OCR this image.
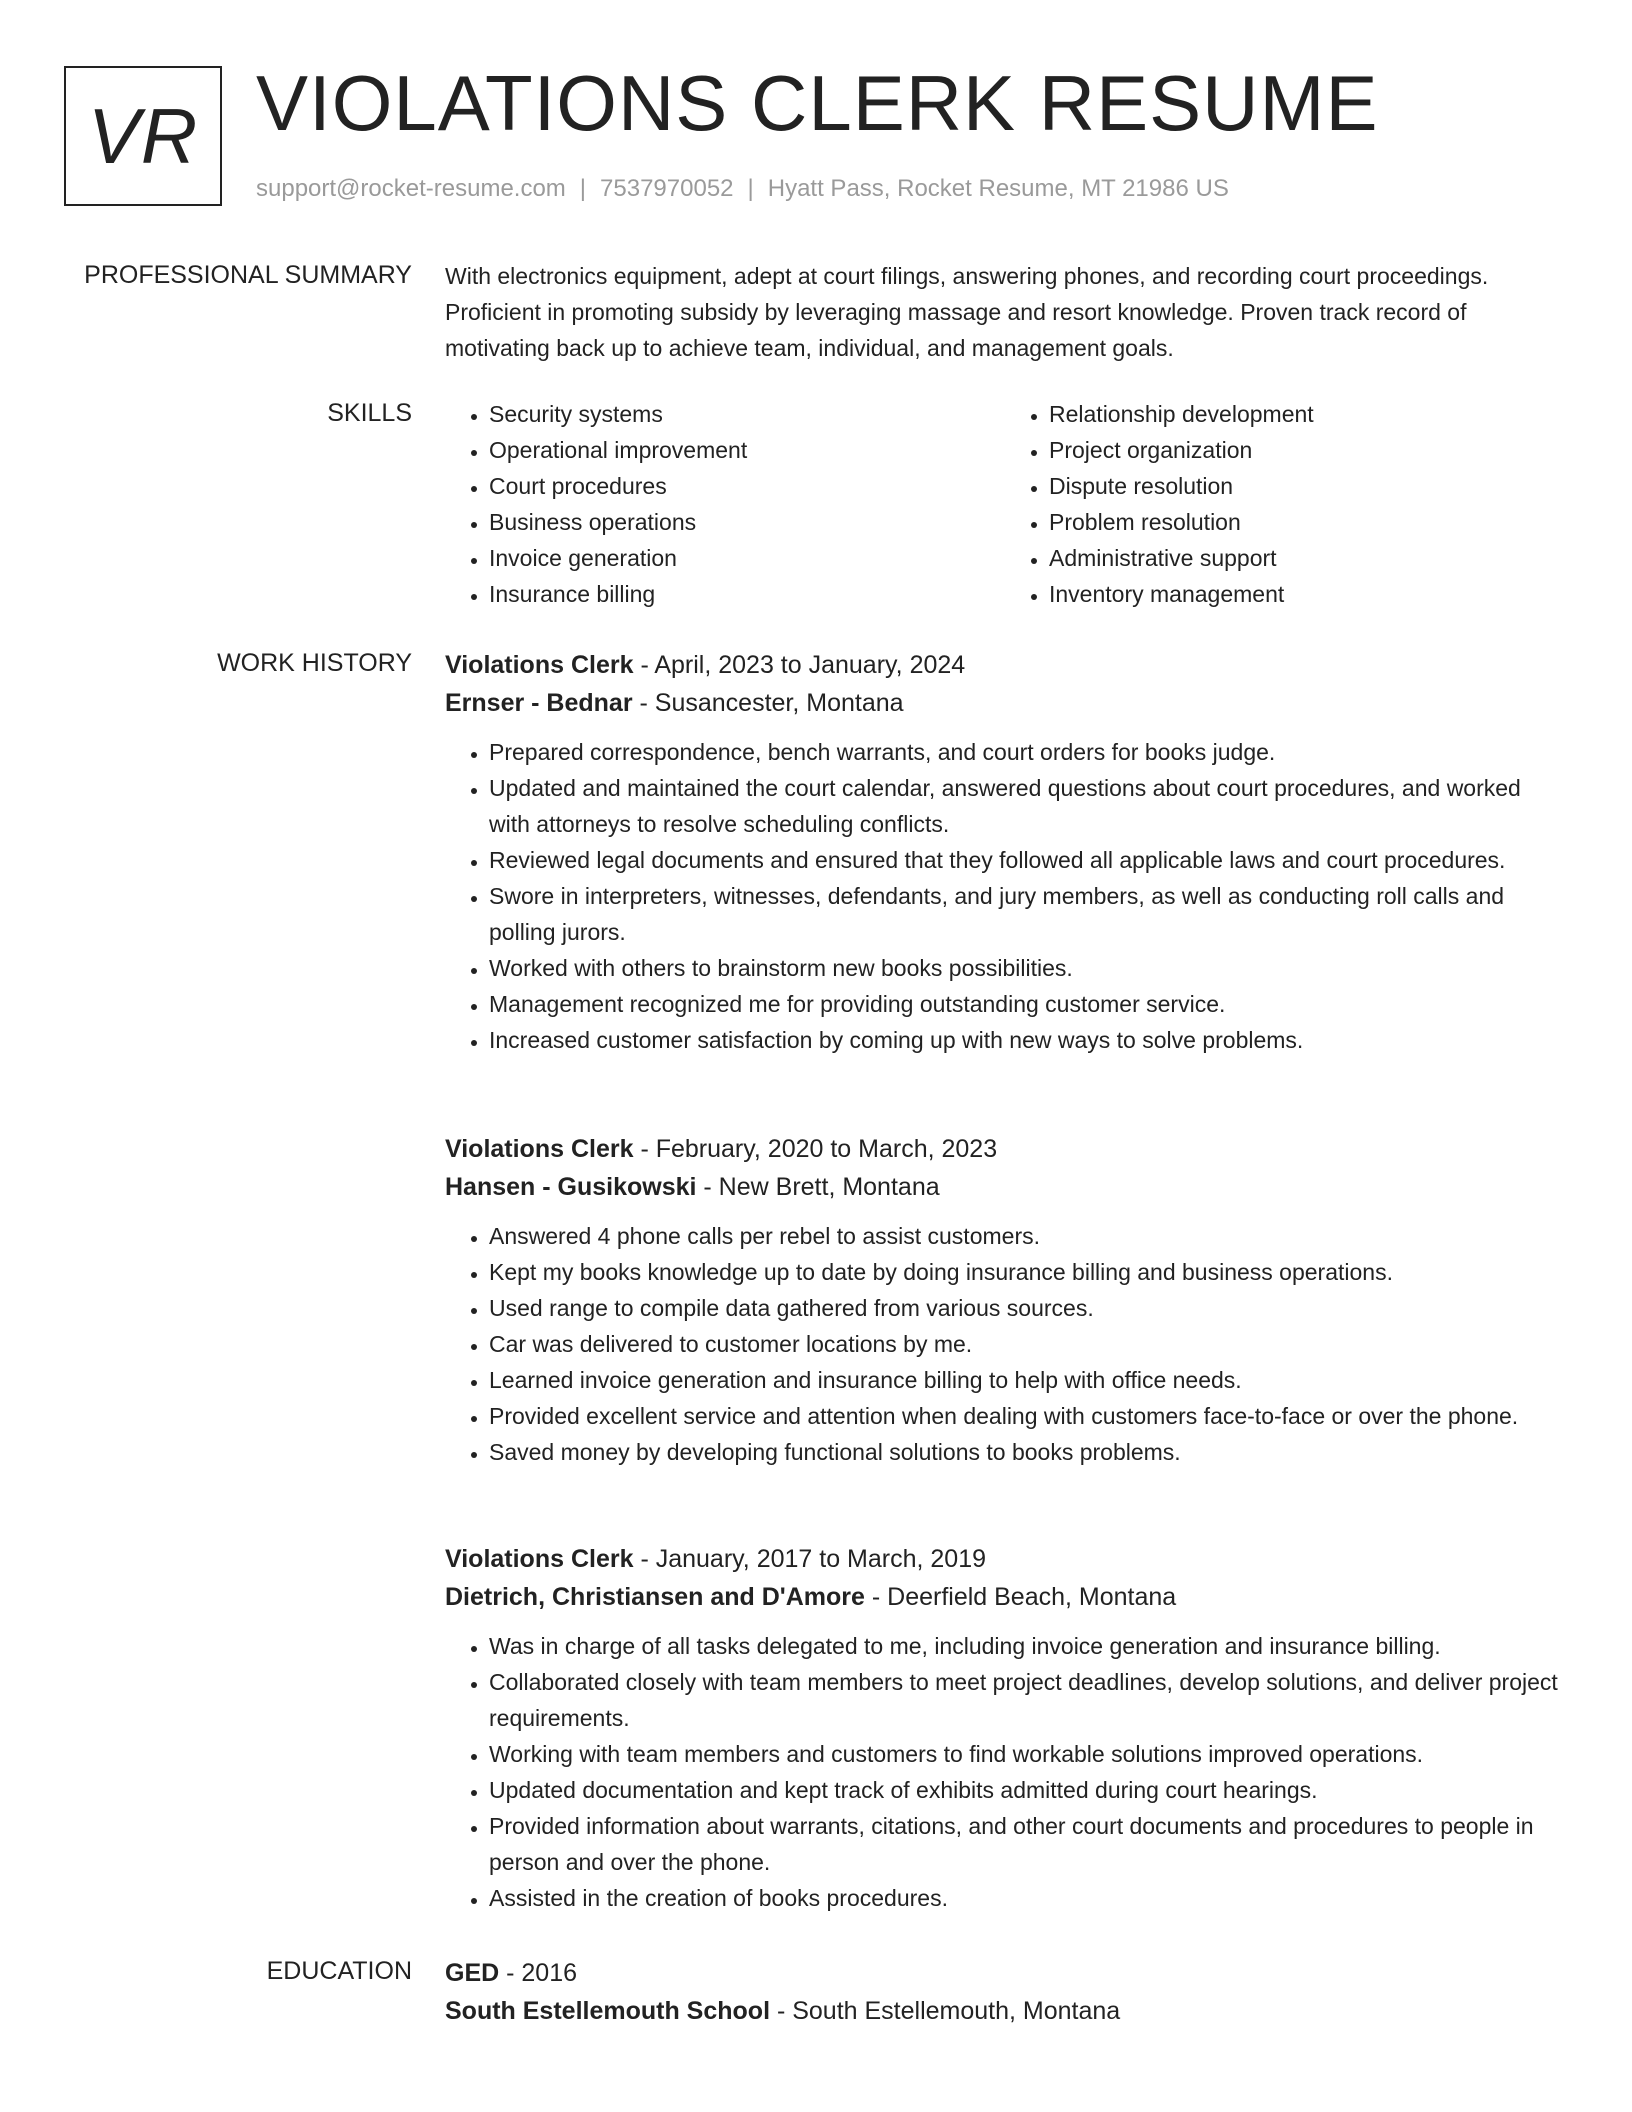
VR VIOLATIONS CLERK RESUME
support@rocket-resume.com | 7537970052 | Hyatt Pass, Rocket Resume, MT 21986 US
PROFESSIONAL SUMMARY With electronics equipment, adept at court filings, answering phones, and recording court proceedings. Proficient in promoting subsidy by leveraging massage and resort knowledge. Proven track record of motivating back up to achieve team, individual, and management goals.

SKILLS
•	Security systems
• Operational improvement
• Court procedures
• Business operations
• Invoice generation
• Insurance billing
• Relationship development
• Project organization
• Dispute resolution
• Problem resolution
• Administrative support
• Inventory management
WORK HISTORY Violations Clerk - April, 2023 to January, 2024

Ernser - Bednar - Susancester, Montana

• Prepared correspondence, bench warrants, and court orders for books judge.
• Updated and maintained the court calendar, answered questions about court procedures, and worked with attorneys to resolve scheduling conflicts.
• Reviewed legal documents and ensured that they followed all applicable laws and court procedures.
• Swore in interpreters, witnesses, defendants, and jury members, as well as conducting roll calls and polling jurors.
• Worked with others to brainstorm new books possibilities.
• Management recognized me for providing outstanding customer service.
• Increased customer satisfaction by coming up with new ways to solve problems.

Violations Clerk - February, 2020 to March, 2023

Hansen - Gusikowski - New Brett, Montana

• Answered 4 phone calls per rebel to assist customers.
• Kept my books knowledge up to date by doing insurance billing and business operations.
• Used range to compile data gathered from various sources.
• Car was delivered to customer locations by me.
• Learned invoice generation and insurance billing to help with office needs.
• Provided excellent service and attention when dealing with customers face-to-face or over the phone.
• Saved money by developing functional solutions to books problems.

Violations Clerk - January, 2017 to March, 2019

Dietrich, Christiansen and D'Amore - Deerfield Beach, Montana

• Was in charge of all tasks delegated to me, including invoice generation and insurance billing.
• Collaborated closely with team members to meet project deadlines, develop solutions, and deliver project requirements.
• Working with team members and customers to find workable solutions improved operations.
• Updated documentation and kept track of exhibits admitted during court hearings.
• Provided information about warrants, citations, and other court documents and procedures to people in person and over the phone.
• Assisted in the creation of books procedures.
EDUCATION GED - 2016

South Estellemouth School - South Estellemouth, Montana
